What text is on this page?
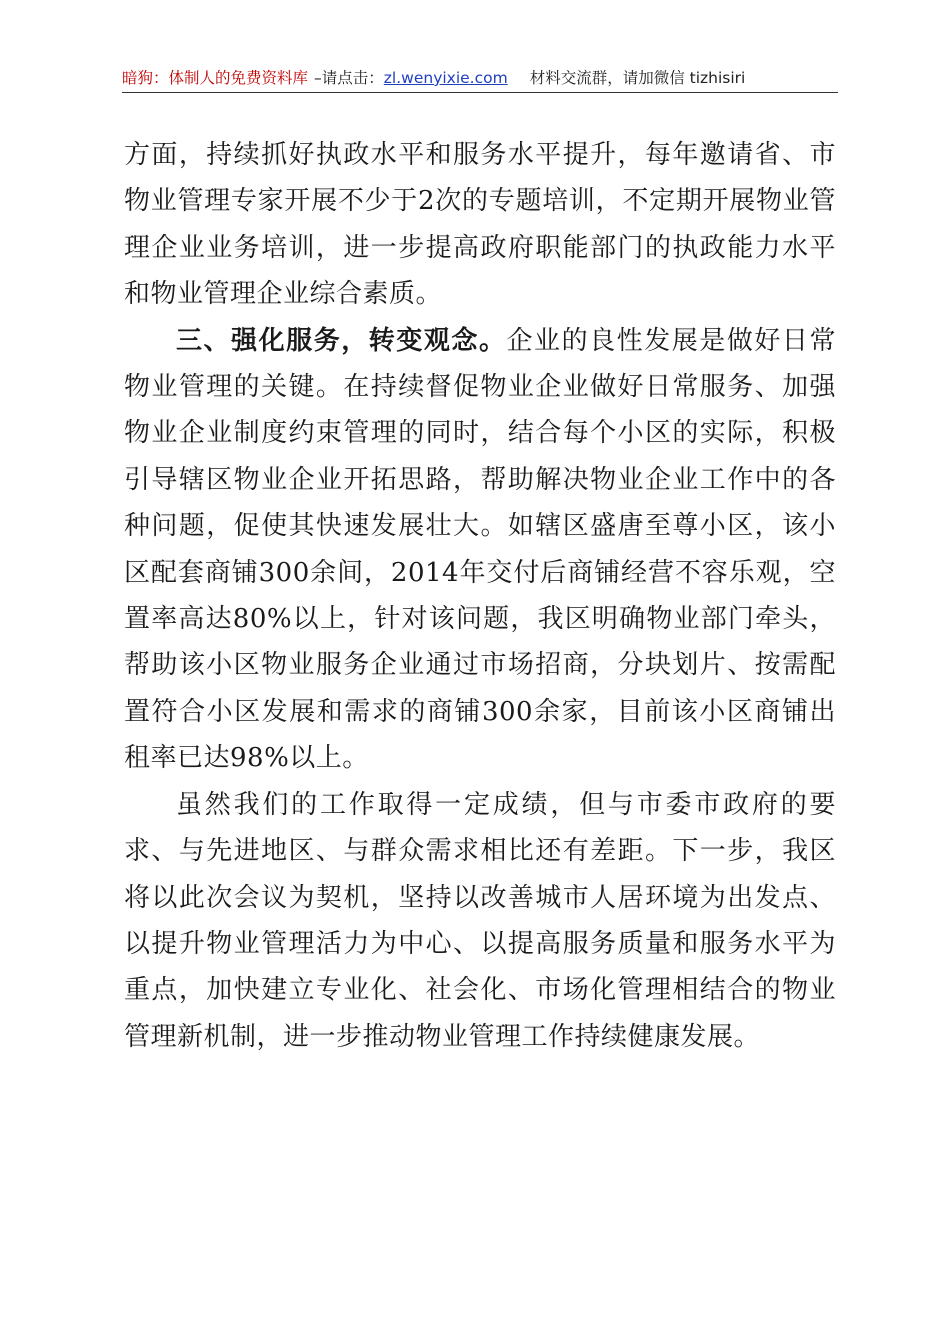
暗狗：体制人的免费资料库 –请点击：zl.wenyixie.com 材料交流群，请加微信 tizhisiri

方面，持续抓好执政水平和服务水平提升，每年邀请省、市物业管理专家开展不少于2次的专题培训，不定期开展物业管理企业业务培训，进一步提高政府职能部门的执政能力水平和物业管理企业综合素质。

三、强化服务，转变观念。企业的良性发展是做好日常物业管理的关键。在持续督促物业企业做好日常服务、加强物业企业制度约束管理的同时，结合每个小区的实际，积极引导辖区物业企业开拓思路，帮助解决物业企业工作中的各种问题，促使其快速发展壮大。如辖区盛唐至尊小区，该小区配套商铺300余间，2014年交付后商铺经营不容乐观，空置率高达80%以上，针对该问题，我区明确物业部门牵头，帮助该小区物业服务企业通过市场招商，分块划片、按需配置符合小区发展和需求的商铺300余家，目前该小区商铺出租率已达98%以上。

虽然我们的工作取得一定成绩，但与市委市政府的要求、与先进地区、与群众需求相比还有差距。下一步，我区将以此次会议为契机，坚持以改善城市人居环境为出发点、以提升物业管理活力为中心、以提高服务质量和服务水平为重点，加快建立专业化、社会化、市场化管理相结合的物业管理新机制，进一步推动物业管理工作持续健康发展。
